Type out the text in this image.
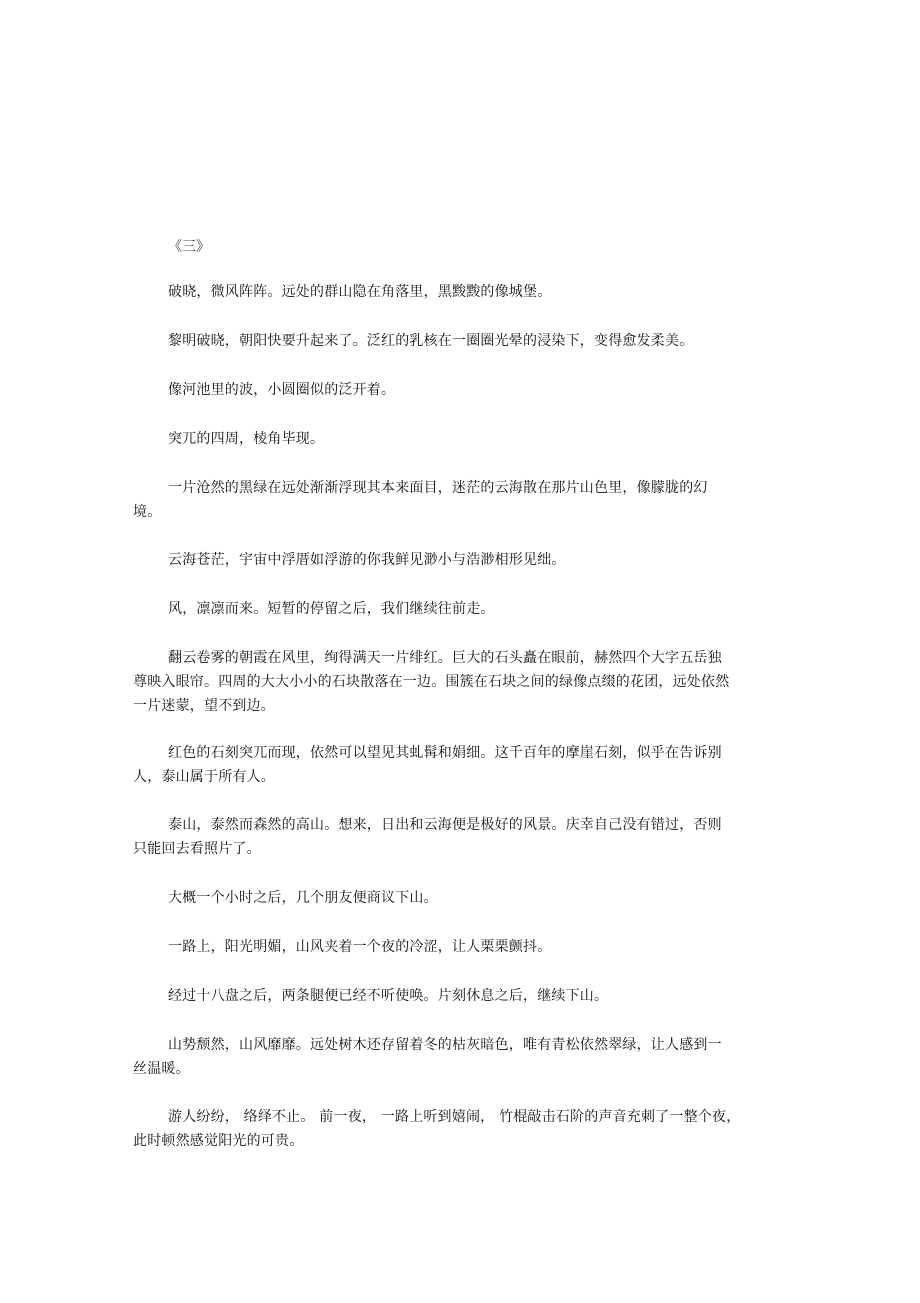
《三》

破晓，微风阵阵。远处的群山隐在角落里，黑黢黢的像城堡。

黎明破晓，朝阳快要升起来了。泛红的乳核在一圈圈光晕的浸染下，变得愈发柔美。

像河池里的波，小圆圈似的泛开着。

突兀的四周，棱角毕现。

一片沧然的黑绿在远处渐渐浮现其本来面目，迷茫的云海散在那片山色里，像朦胧的幻境。

云海苍茫，宇宙中浮厝如浮游的你我鲜见渺小与浩渺相形见绌。

风，凛凛而来。短暂的停留之后，我们继续往前走。

翻云卷雾的朝霞在风里，绚得满天一片绯红。巨大的石头矗在眼前，赫然四个大字五岳独尊映入眼帘。四周的大大小小的石块散落在一边。围簇在石块之间的绿像点缀的花团，远处依然一片迷蒙，望不到边。

红色的石刻突兀而现，依然可以望见其虬髯和娟细。这千百年的摩崖石刻，似乎在告诉别人，泰山属于所有人。

泰山，泰然而森然的高山。想来，日出和云海便是极好的风景。庆幸自己没有错过，否则只能回去看照片了。

大概一个小时之后，几个朋友便商议下山。

一路上，阳光明媚，山风夹着一个夜的冷涩，让人栗栗颤抖。

经过十八盘之后，两条腿便已经不听使唤。片刻休息之后，继续下山。

山势颓然，山风靡靡。远处树木还存留着冬的枯灰暗色，唯有青松依然翠绿，让人感到一丝温暖。

游人纷纷， 络绎不止。 前一夜， 一路上听到嬉闹， 竹棍敲击石阶的声音充刺了一整个夜，此时顿然感觉阳光的可贵。
